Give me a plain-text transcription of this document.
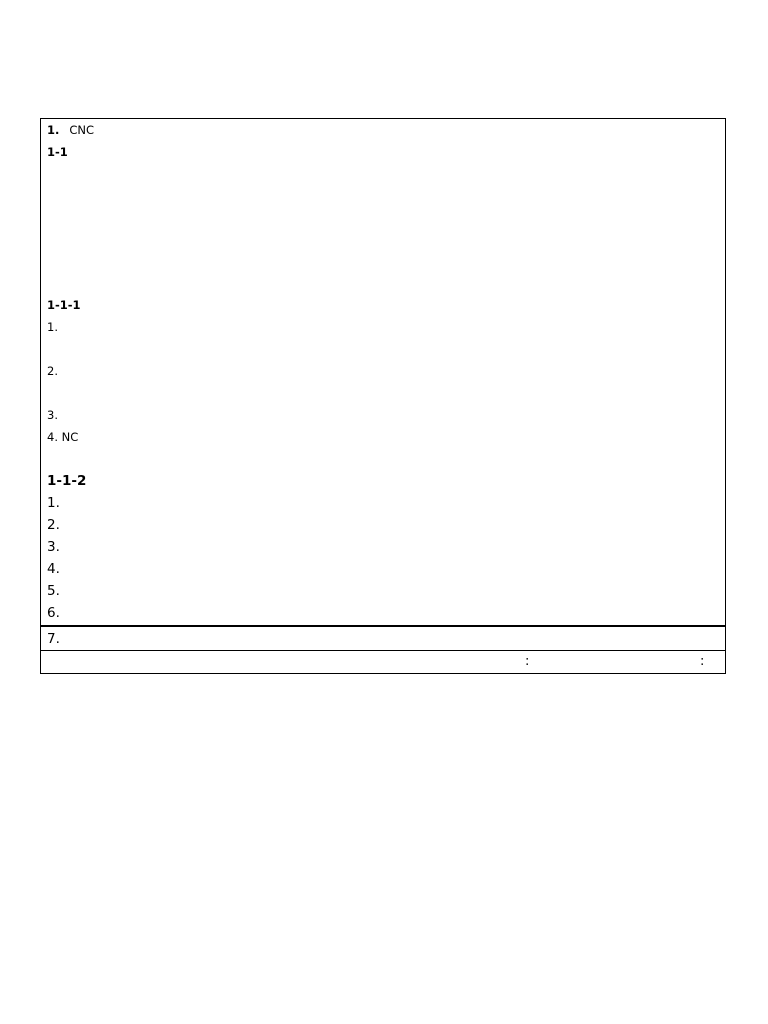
1. CNC
1-1
1-1-1
1.
2.
3.
4. NC
1-1-2
1.
2.
3.
4.
5.
6.
7.
:	:
